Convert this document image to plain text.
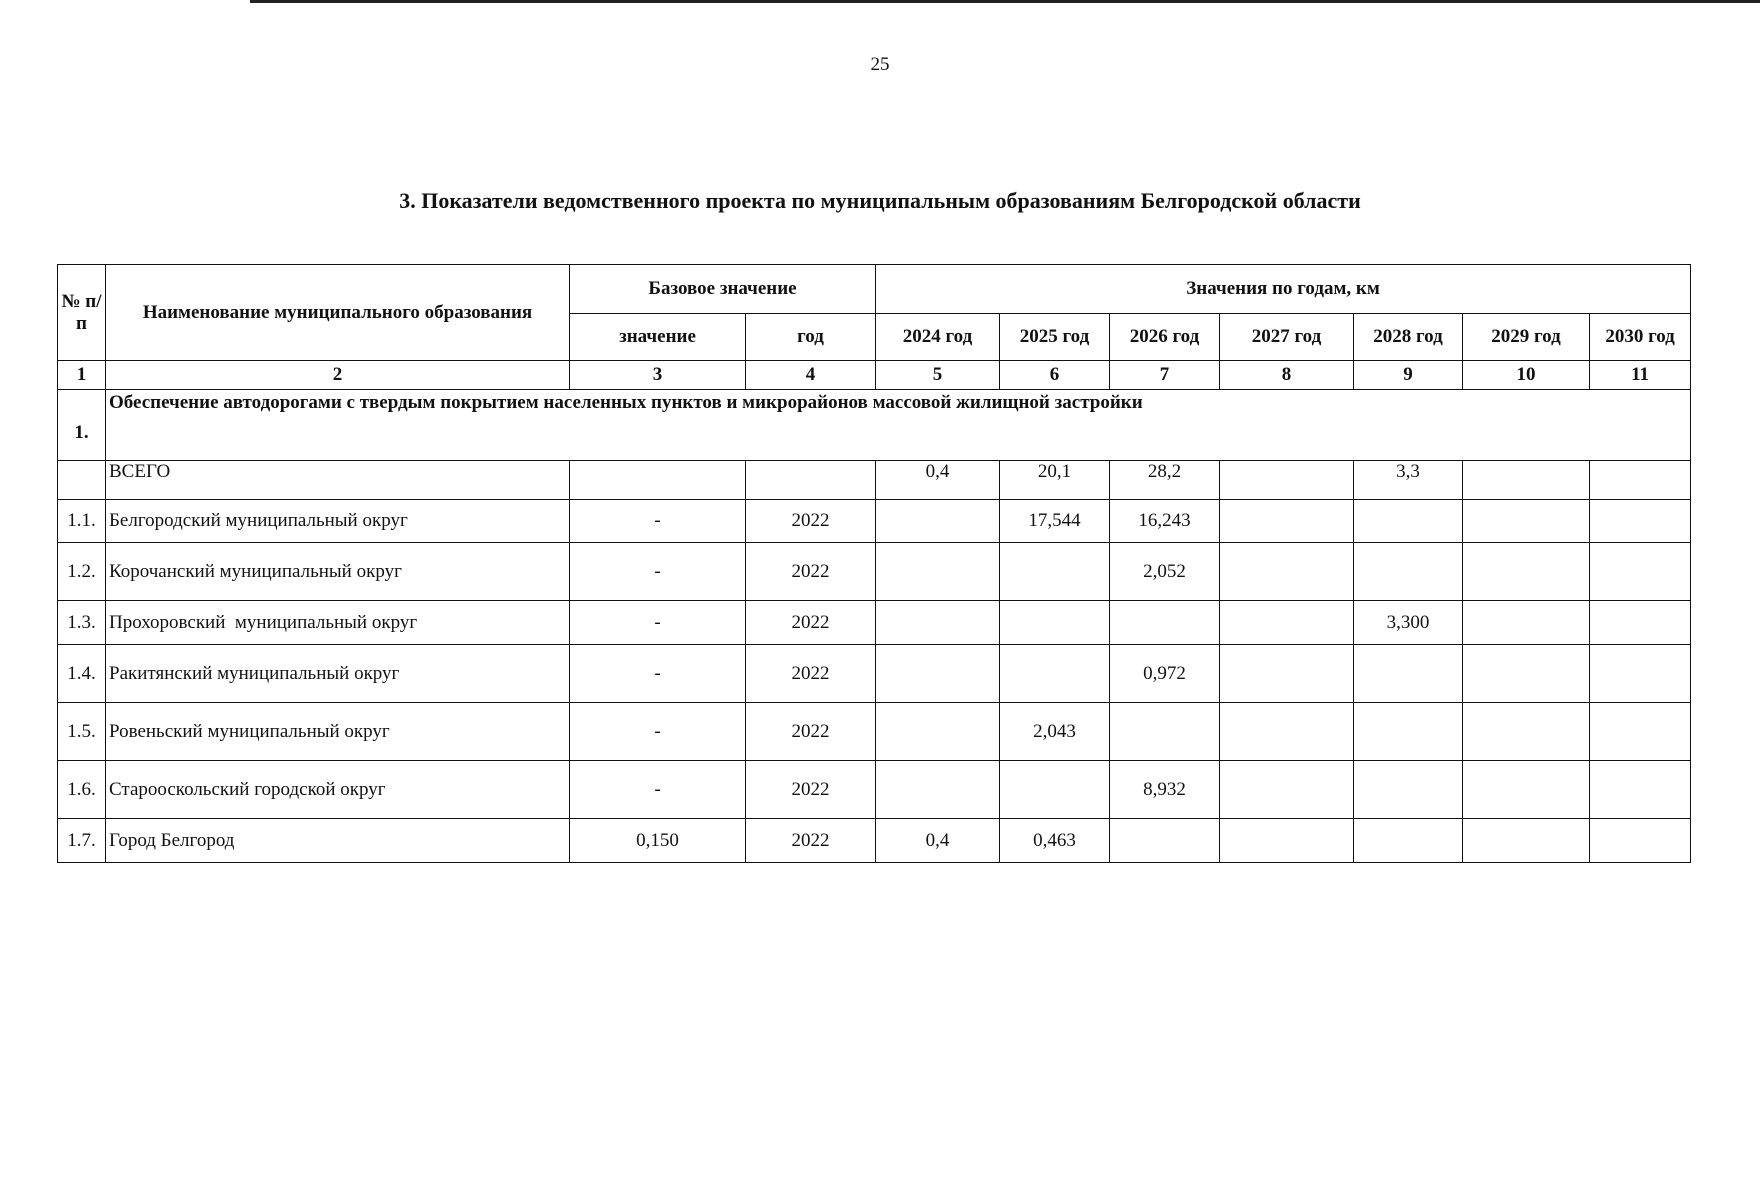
25
3. Показатели ведомственного проекта по муниципальным образованиям Белгородской области
№ п/п	Наименование муниципального образования	Базовое значение		Значения по годам, км						
		значение	год	2024 год	2025 год	2026 год	2027 год	2028 год	2029 год	2030 год
1	2	3	4	5	6	7	8	9	10	11
1.	Обеспечение автодорогами с твердым покрытием населенных пунктов и микрорайонов массовой жилищной застройки									
	ВСЕГО			0,4	20,1	28,2		3,3		
1.1.	Белгородский муниципальный округ	-	2022		17,544	16,243				
1.2.	Корочанский муниципальный округ	-	2022			2,052				
1.3.	Прохоровский  муниципальный округ	-	2022					3,300		
1.4.	Ракитянский муниципальный округ	-	2022			0,972				
1.5.	Ровеньский муниципальный округ	-	2022		2,043					
1.6.	Старооскольский городской округ	-	2022			8,932				
1.7.	Город Белгород	0,150	2022	0,4	0,463					
